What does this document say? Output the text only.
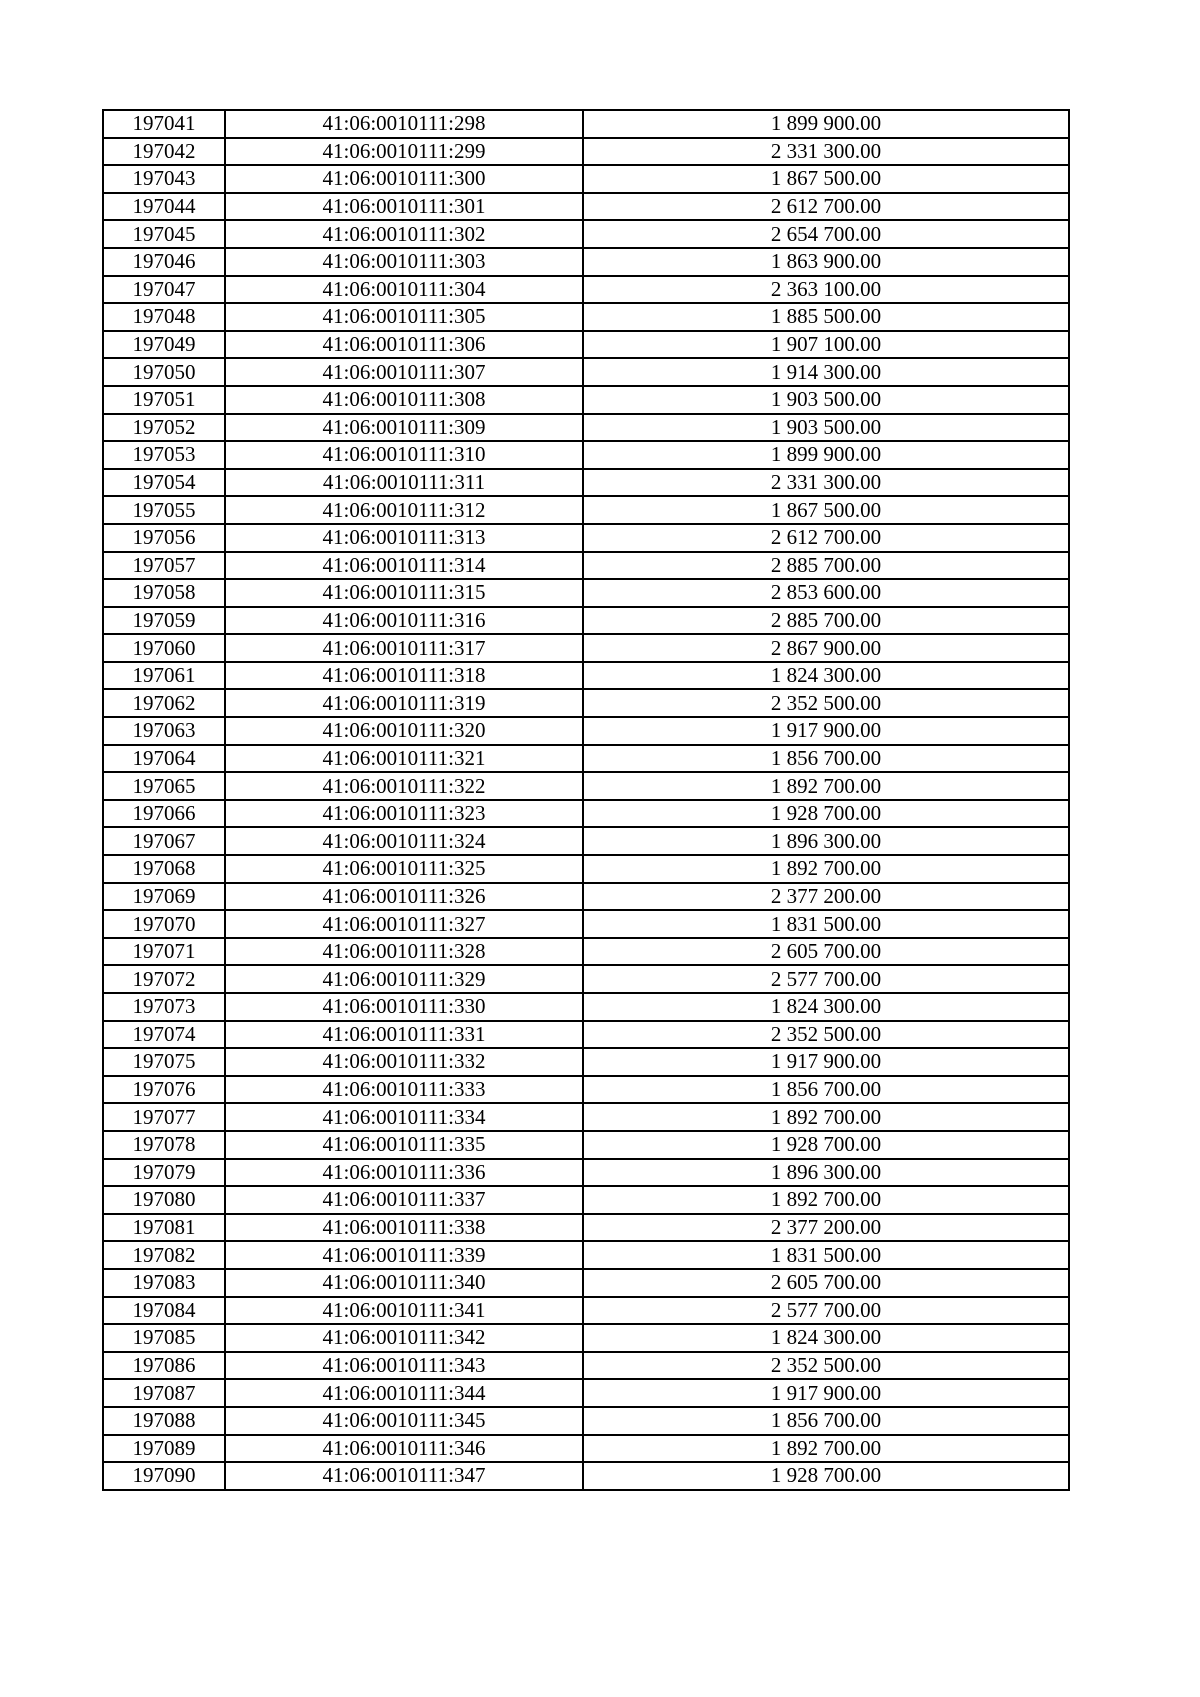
197041	41:06:0010111:298	1 899 900.00
197042	41:06:0010111:299	2 331 300.00
197043	41:06:0010111:300	1 867 500.00
197044	41:06:0010111:301	2 612 700.00
197045	41:06:0010111:302	2 654 700.00
197046	41:06:0010111:303	1 863 900.00
197047	41:06:0010111:304	2 363 100.00
197048	41:06:0010111:305	1 885 500.00
197049	41:06:0010111:306	1 907 100.00
197050	41:06:0010111:307	1 914 300.00
197051	41:06:0010111:308	1 903 500.00
197052	41:06:0010111:309	1 903 500.00
197053	41:06:0010111:310	1 899 900.00
197054	41:06:0010111:311	2 331 300.00
197055	41:06:0010111:312	1 867 500.00
197056	41:06:0010111:313	2 612 700.00
197057	41:06:0010111:314	2 885 700.00
197058	41:06:0010111:315	2 853 600.00
197059	41:06:0010111:316	2 885 700.00
197060	41:06:0010111:317	2 867 900.00
197061	41:06:0010111:318	1 824 300.00
197062	41:06:0010111:319	2 352 500.00
197063	41:06:0010111:320	1 917 900.00
197064	41:06:0010111:321	1 856 700.00
197065	41:06:0010111:322	1 892 700.00
197066	41:06:0010111:323	1 928 700.00
197067	41:06:0010111:324	1 896 300.00
197068	41:06:0010111:325	1 892 700.00
197069	41:06:0010111:326	2 377 200.00
197070	41:06:0010111:327	1 831 500.00
197071	41:06:0010111:328	2 605 700.00
197072	41:06:0010111:329	2 577 700.00
197073	41:06:0010111:330	1 824 300.00
197074	41:06:0010111:331	2 352 500.00
197075	41:06:0010111:332	1 917 900.00
197076	41:06:0010111:333	1 856 700.00
197077	41:06:0010111:334	1 892 700.00
197078	41:06:0010111:335	1 928 700.00
197079	41:06:0010111:336	1 896 300.00
197080	41:06:0010111:337	1 892 700.00
197081	41:06:0010111:338	2 377 200.00
197082	41:06:0010111:339	1 831 500.00
197083	41:06:0010111:340	2 605 700.00
197084	41:06:0010111:341	2 577 700.00
197085	41:06:0010111:342	1 824 300.00
197086	41:06:0010111:343	2 352 500.00
197087	41:06:0010111:344	1 917 900.00
197088	41:06:0010111:345	1 856 700.00
197089	41:06:0010111:346	1 892 700.00
197090	41:06:0010111:347	1 928 700.00
